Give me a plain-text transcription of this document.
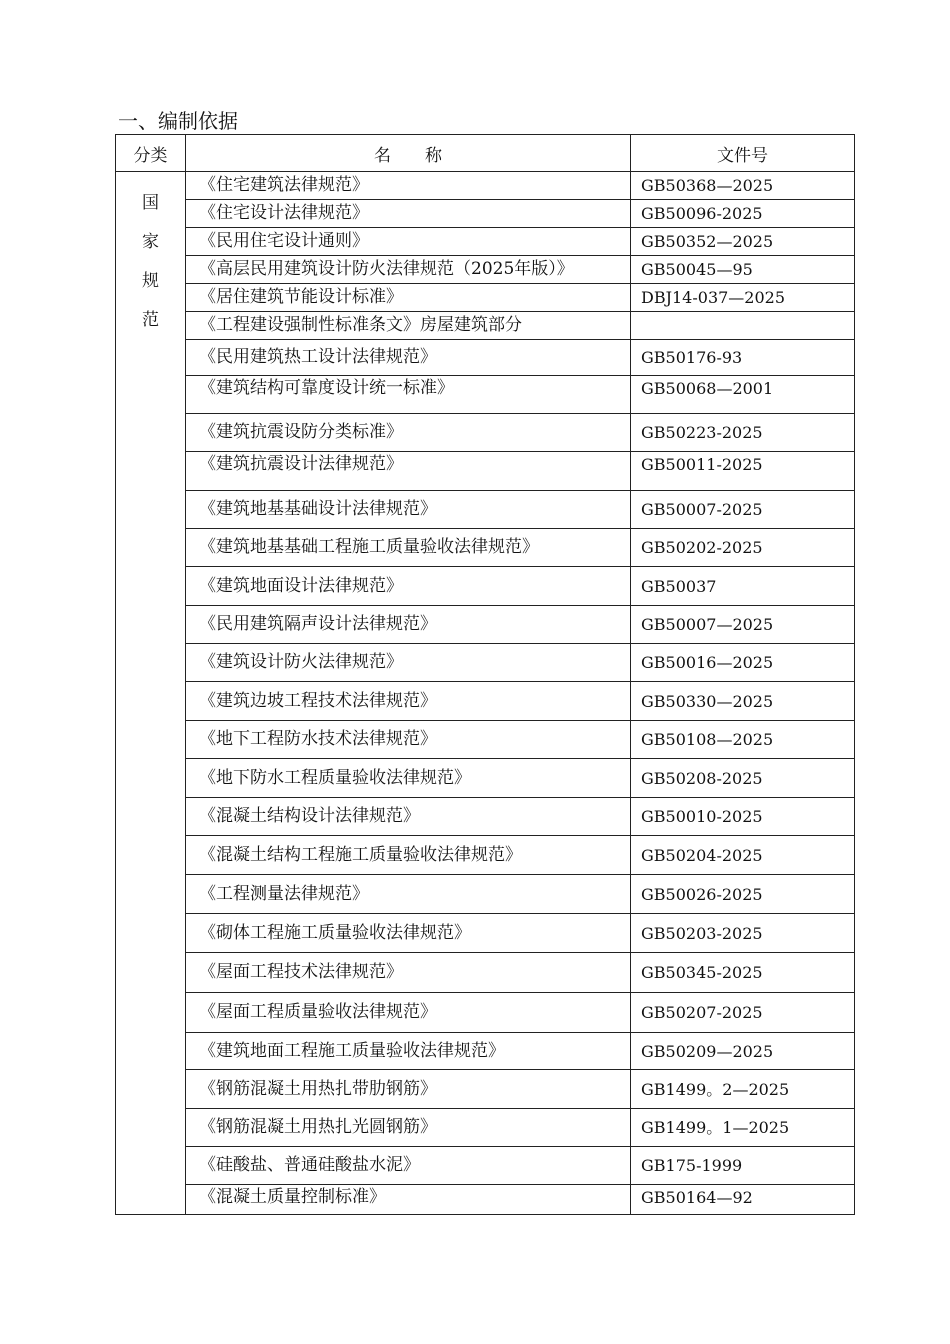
一、编制依据
分类	名　　称	文件号

国
家
规
范	《住宅建筑法律规范》	GB50368—2025
	《住宅设计法律规范》	GB50096-2025
	《民用住宅设计通则》	GB50352—2025
	《高层民用建筑设计防火法律规范（2025年版）》	GB50045—95
	《居住建筑节能设计标准》	DBJ14-037—2025
	《工程建设强制性标准条文》房屋建筑部分	
	《民用建筑热工设计法律规范》	GB50176-93
	《建筑结构可靠度设计统一标准》	GB50068—2001
	《建筑抗震设防分类标准》	GB50223-2025
	《建筑抗震设计法律规范》	GB50011-2025
	《建筑地基基础设计法律规范》	GB50007-2025
	《建筑地基基础工程施工质量验收法律规范》	GB50202-2025
	《建筑地面设计法律规范》	GB50037
	《民用建筑隔声设计法律规范》	GB50007—2025
	《建筑设计防火法律规范》	GB50016—2025
	《建筑边坡工程技术法律规范》	GB50330—2025
	《地下工程防水技术法律规范》	GB50108—2025
	《地下防水工程质量验收法律规范》	GB50208-2025
	《混凝土结构设计法律规范》	GB50010-2025
	《混凝土结构工程施工质量验收法律规范》	GB50204-2025
	《工程测量法律规范》	GB50026-2025
	《砌体工程施工质量验收法律规范》	GB50203-2025
	《屋面工程技术法律规范》	GB50345-2025
	《屋面工程质量验收法律规范》	GB50207-2025
	《建筑地面工程施工质量验收法律规范》	GB50209—2025
	《钢筋混凝土用热扎带肋钢筋》	GB1499。2—2025
	《钢筋混凝土用热扎光圆钢筋》	GB1499。1—2025
	《硅酸盐、普通硅酸盐水泥》	GB175-1999
	《混凝土质量控制标准》	GB50164—92
